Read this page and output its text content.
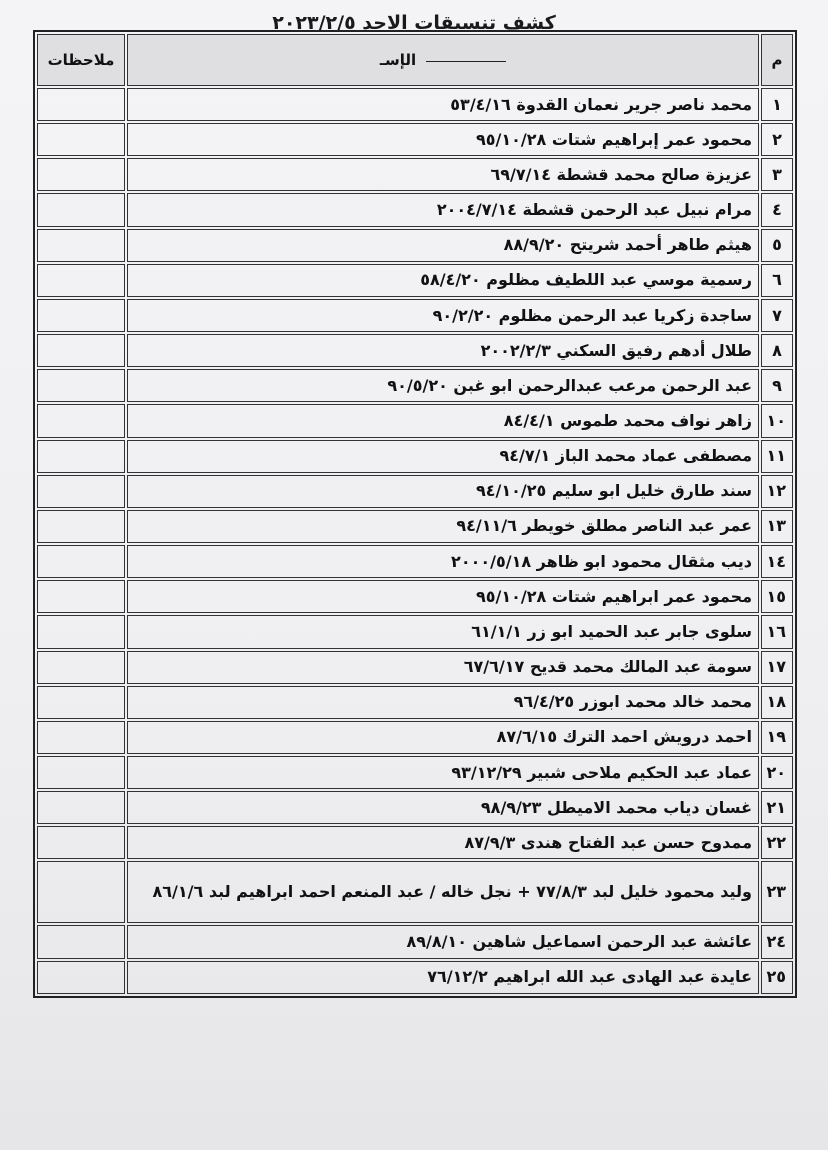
كشف تنسيقات الاحد ٢٠٢٣/٢/٥
م	الإسـ	ملاحظات
١	محمد ناصر جرير نعمان القدوة ٥٣/٤/١٦	
٢	محمود عمر إبراهيم شتات ٩٥/١٠/٢٨	
٣	عزيزة صالح محمد قشطة ٦٩/٧/١٤	
٤	مرام نبيل عبد الرحمن قشطة ٢٠٠٤/٧/١٤	
٥	هيثم طاهر أحمد شريتح ٨٨/٩/٢٠	
٦	رسمية موسي عبد اللطيف مظلوم ٥٨/٤/٢٠	
٧	ساجدة زكريا عبد الرحمن مظلوم ٩٠/٢/٢٠	
٨	طلال أدهم رفيق السكني ٢٠٠٢/٢/٣	
٩	عبد الرحمن مرعب عبدالرحمن ابو غبن ٩٠/٥/٢٠	
١٠	زاهر نواف محمد طموس ٨٤/٤/١	
١١	مصطفى عماد محمد الباز ٩٤/٧/١	
١٢	سند طارق خليل ابو سليم ٩٤/١٠/٢٥	
١٣	عمر عبد الناصر مطلق خويطر ٩٤/١١/٦	
١٤	ديب مثقال محمود ابو ظاهر ٢٠٠٠/٥/١٨	
١٥	محمود عمر ابراهيم شتات ٩٥/١٠/٢٨	
١٦	سلوى جابر عبد الحميد ابو زر ٦١/١/١	
١٧	سومة عبد المالك محمد قديح ٦٧/٦/١٧	
١٨	محمد خالد محمد ابوزر ٩٦/٤/٢٥	
١٩	احمد درويش احمد الترك ٨٧/٦/١٥	
٢٠	عماد عبد الحكيم ملاحى شبير ٩٣/١٢/٢٩	
٢١	غسان دياب محمد الاميطل ٩٨/٩/٢٣	
٢٢	ممدوح حسن عبد الفتاح هندى ٨٧/٩/٣	
٢٣	وليد محمود خليل لبد ٧٧/٨/٣ + نجل خاله / عبد المنعم احمد ابراهيم لبد ٨٦/١/٦	
٢٤	عائشة عبد الرحمن اسماعيل شاهين ٨٩/٨/١٠	
٢٥	عايدة عبد الهادى عبد الله ابراهيم ٧٦/١٢/٢	
